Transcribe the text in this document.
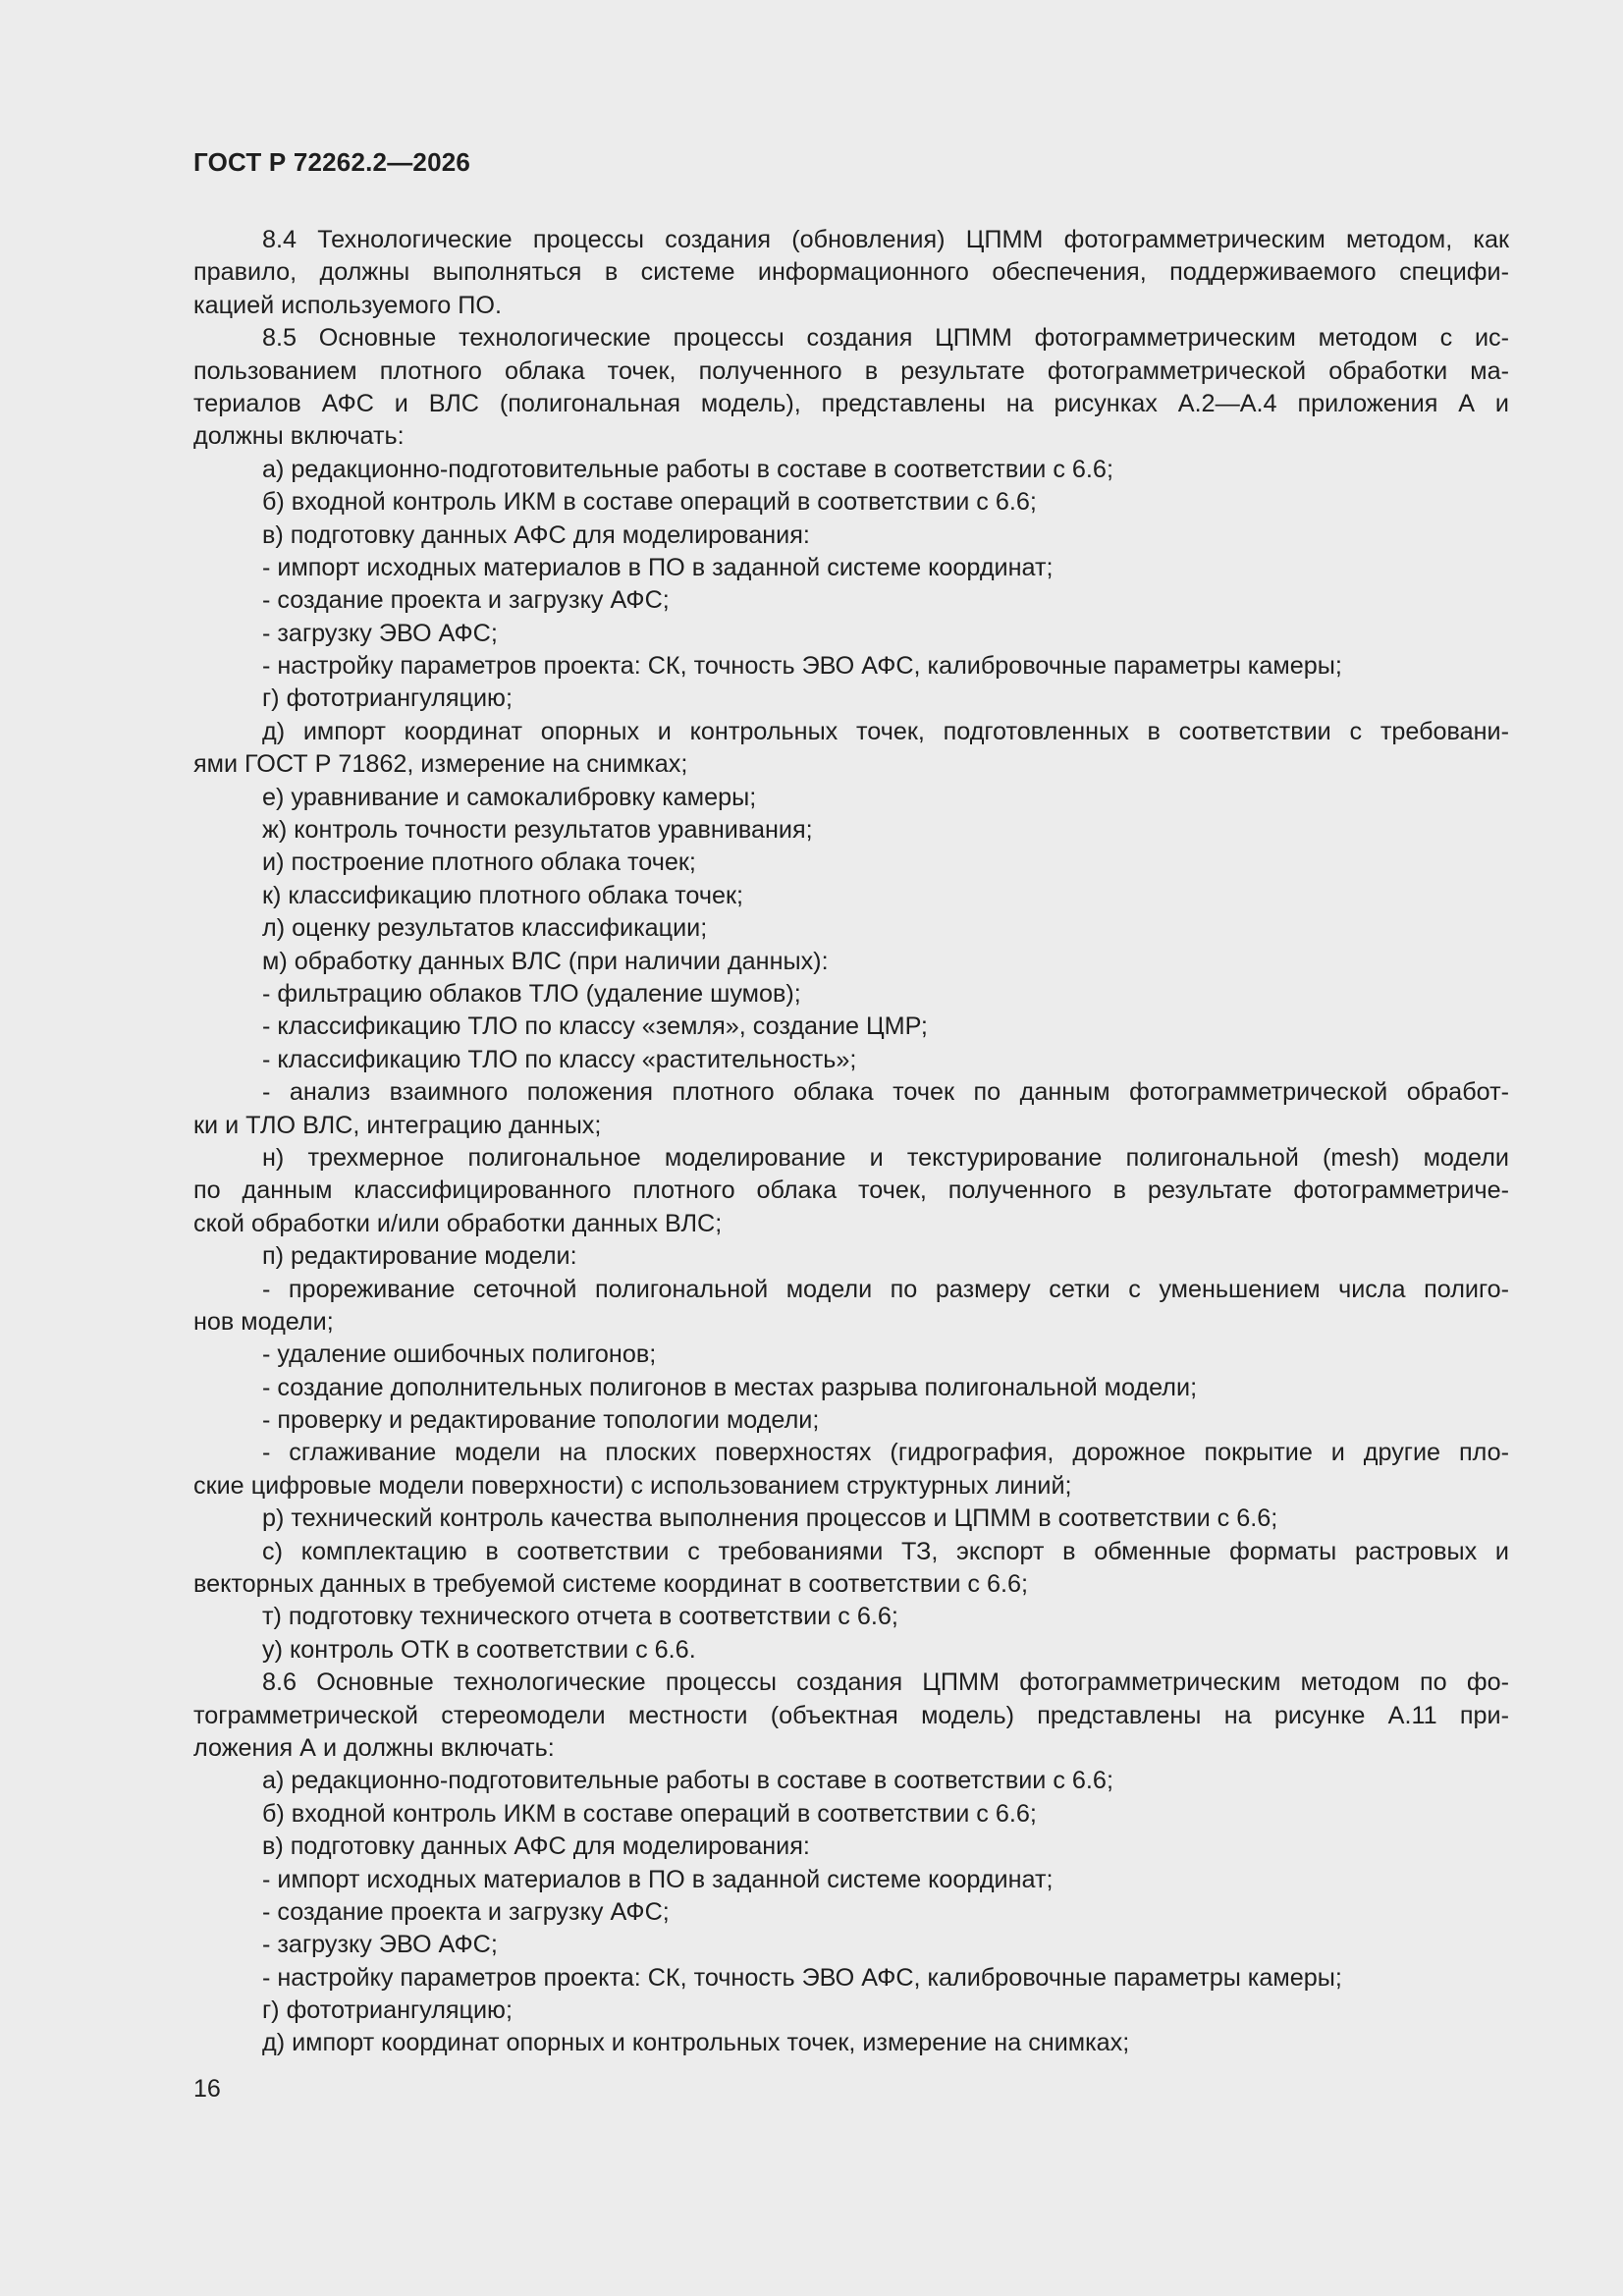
ГОСТ Р 72262.2—2026
8.4 Технологические процессы создания (обновления) ЦПММ фотограмметрическим методом, как
правило, должны выполняться в системе информационного обеспечения, поддерживаемого специфи-
кацией используемого ПО.
8.5 Основные технологические процессы создания ЦПММ фотограмметрическим методом с ис-
пользованием плотного облака точек, полученного в результате фотограмметрической обработки ма-
териалов АФС и ВЛС (полигональная модель), представлены на рисунках А.2—А.4 приложения А и
должны включать:
а) редакционно-подготовительные работы в составе в соответствии с 6.6;
б) входной контроль ИКМ в составе операций в соответствии с 6.6;
в) подготовку данных АФС для моделирования:
- импорт исходных материалов в ПО в заданной системе координат;
- создание проекта и загрузку АФС;
- загрузку ЭВО АФС;
- настройку параметров проекта: СК, точность ЭВО АФС, калибровочные параметры камеры;
г) фототриангуляцию;
д) импорт координат опорных и контрольных точек, подготовленных в соответствии с требовани-
ями ГОСТ Р 71862, измерение на снимках;
е) уравнивание и самокалибровку камеры;
ж) контроль точности результатов уравнивания;
и) построение плотного облака точек;
к) классификацию плотного облака точек;
л) оценку результатов классификации;
м) обработку данных ВЛС (при наличии данных):
- фильтрацию облаков ТЛО (удаление шумов);
- классификацию ТЛО по классу «земля», создание ЦМР;
- классификацию ТЛО по классу «растительность»;
- анализ взаимного положения плотного облака точек по данным фотограмметрической обработ-
ки и ТЛО ВЛС, интеграцию данных;
н) трехмерное полигональное моделирование и текстурирование полигональной (mesh) модели
по данным классифицированного плотного облака точек, полученного в результате фотограмметриче-
ской обработки и/или обработки данных ВЛС;
п) редактирование модели:
- прореживание сеточной полигональной модели по размеру сетки с уменьшением числа полиго-
нов модели;
- удаление ошибочных полигонов;
- создание дополнительных полигонов в местах разрыва полигональной модели;
- проверку и редактирование топологии модели;
- сглаживание модели на плоских поверхностях (гидрография, дорожное покрытие и другие пло-
ские цифровые модели поверхности) с использованием структурных линий;
р) технический контроль качества выполнения процессов и ЦПММ в соответствии с 6.6;
с) комплектацию в соответствии с требованиями ТЗ, экспорт в обменные форматы растровых и
векторных данных в требуемой системе координат в соответствии с 6.6;
т) подготовку технического отчета в соответствии с 6.6;
у) контроль ОТК в соответствии с 6.6.
8.6 Основные технологические процессы создания ЦПММ фотограмметрическим методом по фо-
тограмметрической стереомодели местности (объектная модель) представлены на рисунке А.11 при-
ложения А и должны включать:
а) редакционно-подготовительные работы в составе в соответствии с 6.6;
б) входной контроль ИКМ в составе операций в соответствии с 6.6;
в) подготовку данных АФС для моделирования:
- импорт исходных материалов в ПО в заданной системе координат;
- создание проекта и загрузку АФС;
- загрузку ЭВО АФС;
- настройку параметров проекта: СК, точность ЭВО АФС, калибровочные параметры камеры;
г) фототриангуляцию;
д) импорт координат опорных и контрольных точек, измерение на снимках;
16
